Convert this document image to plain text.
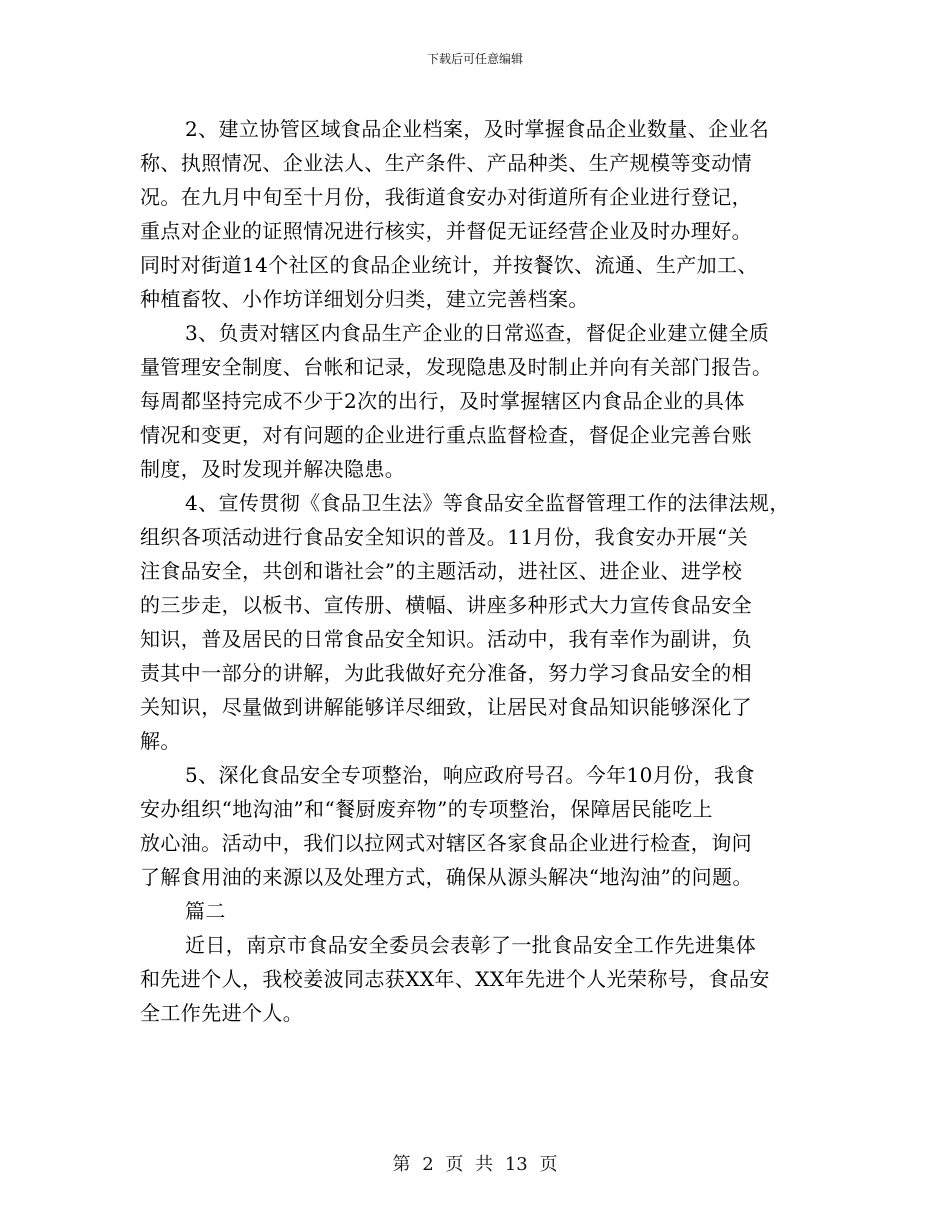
下载后可任意编辑
2、建立协管区域食品企业档案，及时掌握食品企业数量、企业名
称、执照情况、企业法人、生产条件、产品种类、生产规模等变动情
况。在九月中旬至十月份，我街道食安办对街道所有企业进行登记，
重点对企业的证照情况进行核实，并督促无证经营企业及时办理好。
同时对街道14个社区的食品企业统计，并按餐饮、流通、生产加工、
种植畜牧、小作坊详细划分归类，建立完善档案。
3、负责对辖区内食品生产企业的日常巡查，督促企业建立健全质
量管理安全制度、台帐和记录，发现隐患及时制止并向有关部门报告。
每周都坚持完成不少于2次的出行，及时掌握辖区内食品企业的具体
情况和变更，对有问题的企业进行重点监督检查，督促企业完善台账
制度，及时发现并解决隐患。
4、宣传贯彻《食品卫生法》等食品安全监督管理工作的法律法规，
组织各项活动进行食品安全知识的普及。11月份，我食安办开展“关
注食品安全，共创和谐社会”的主题活动，进社区、进企业、进学校
的三步走，以板书、宣传册、横幅、讲座多种形式大力宣传食品安全
知识，普及居民的日常食品安全知识。活动中，我有幸作为副讲，负
责其中一部分的讲解，为此我做好充分准备，努力学习食品安全的相
关知识，尽量做到讲解能够详尽细致，让居民对食品知识能够深化了
解。
5、深化食品安全专项整治，响应政府号召。今年10月份，我食
安办组织“地沟油”和“餐厨废弃物”的专项整治，保障居民能吃上
放心油。活动中，我们以拉网式对辖区各家食品企业进行检查，询问
了解食用油的来源以及处理方式，确保从源头解决“地沟油”的问题。
篇二
近日，南京市食品安全委员会表彰了一批食品安全工作先进集体
和先进个人，我校姜波同志获XX年、XX年先进个人光荣称号，食品安
全工作先进个人。
第 2 页 共 13 页
